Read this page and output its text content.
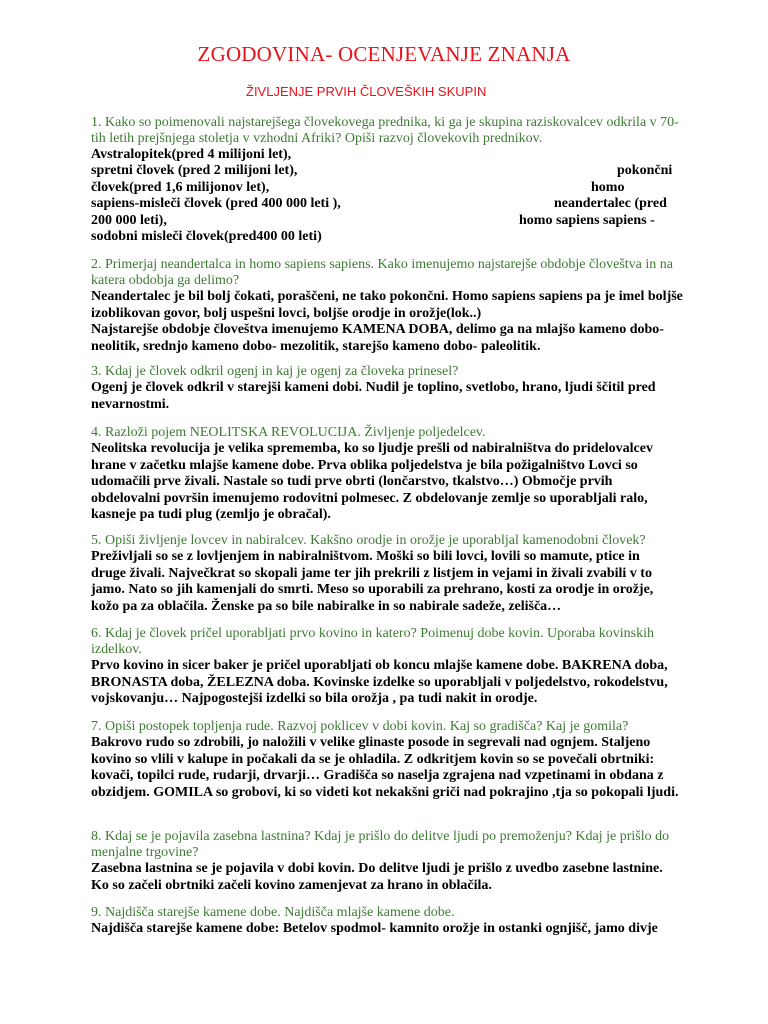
ZGODOVINA- OCENJEVANJE ZNANJA
ŽIVLJENJE PRVIH ČLOVEŠKIH SKUPIN
1. Kako so poimenovali najstarejšega človekovega prednika, ki ga je skupina raziskovalcev odkrila v 70-tih letih prejšnjega stoletja v vzhodni Afriki? Opiši razvoj človekovih prednikov.
Avstralopitek(pred 4 milijoni let),
spretni človek (pred 2 milijoni let),	pokončni
človek(pred 1,6 milijonov let),	homo
sapiens-misleči človek (pred 400 000 leti ),	neandertalec (pred
200 000 leti),	homo sapiens sapiens -
sodobni misleči človek(pred400 00 leti)
2. Primerjaj neandertalca in homo sapiens sapiens. Kako imenujemo najstarejše obdobje človeštva in na katera obdobja ga delimo?

Neandertalec je bil bolj čokati, poraščeni, ne tako pokončni. Homo sapiens sapiens pa je imel boljše izoblikovan govor, bolj uspešni lovci, boljše orodje in orožje(lok..)

Najstarejše obdobje človeštva imenujemo KAMENA DOBA, delimo ga na mlajšo kameno dobo- neolitik, srednjo kameno dobo- mezolitik, starejšo kameno dobo- paleolitik.

3. Kdaj je človek odkril ogenj in kaj je ogenj za človeka prinesel?
Ogenj je človek odkril v starejši kameni dobi. Nudil je toplino, svetlobo, hrano, ljudi ščitil pred nevarnostmi.
4. Razloži pojem NEOLITSKA REVOLUCIJA. Življenje poljedelcev.
Neolitska revolucija je velika sprememba, ko so ljudje prešli od nabiralništva do pridelovalcev hrane v začetku mlajše kamene dobe. Prva oblika poljedelstva je bila požigalništvo Lovci so udomačili prve živali. Nastale so tudi prve obrti (lončarstvo, tkalstvo…) Območje prvih obdelovalni površin imenujemo rodovitni polmesec. Z obdelovanje zemlje so uporabljali ralo, kasneje pa tudi plug (zemljo je obračal).
5. Opiši življenje lovcev in nabiralcev. Kakšno orodje in orožje je uporabljal kamenodobni človek?
Preživljali so se z lovljenjem in nabiralništvom. Moški so bili lovci, lovili so mamute, ptice in druge živali. Največkrat so skopali jame ter jih prekrili z listjem in vejami in živali zvabili v to jamo. Nato so jih kamenjali do smrti. Meso so uporabili za prehrano, kosti za orodje in orožje, kožo pa za oblačila. Ženske pa so bile nabiralke in so nabirale sadeže, zelišča…
6. Kdaj je človek pričel uporabljati prvo kovino in katero? Poimenuj dobe kovin. Uporaba kovinskih izdelkov.
Prvo kovino in sicer baker je pričel uporabljati ob koncu mlajše kamene dobe. BAKRENA doba, BRONASTA doba, ŽELEZNA doba. Kovinske izdelke so uporabljali v poljedelstvo, rokodelstvu, vojskovanju… Najpogostejši izdelki so bila orožja , pa tudi nakit in orodje.
7. Opiši postopek topljenja rude. Razvoj poklicev v dobi kovin. Kaj so gradišča? Kaj je gomila?
Bakrovo rudo so zdrobili, jo naložili v velike glinaste posode in segrevali nad ognjem. Staljeno kovino so vlili v kalupe in počakali da se je ohladila. Z odkritjem kovin so se povečali obrtniki: kovači, topilci rude, rudarji, drvarji… Gradišča so naselja zgrajena nad vzpetinami in obdana z obzidjem. GOMILA so grobovi, ki so videti kot nekakšni griči nad pokrajino ,tja so pokopali ljudi.
8. Kdaj se je pojavila zasebna lastnina? Kdaj je prišlo do delitve ljudi po premoženju? Kdaj je prišlo do menjalne trgovine?
Zasebna lastnina se je pojavila v dobi kovin. Do delitve ljudi je prišlo z uvedbo zasebne lastnine. Ko so začeli obrtniki začeli kovino zamenjevat za hrano in oblačila.
9. Najdišča starejše kamene dobe. Najdišča mlajše kamene dobe.
Najdišča starejše kamene dobe: Betelov spodmol- kamnito orožje in ostanki ognjišč, jamo divje
